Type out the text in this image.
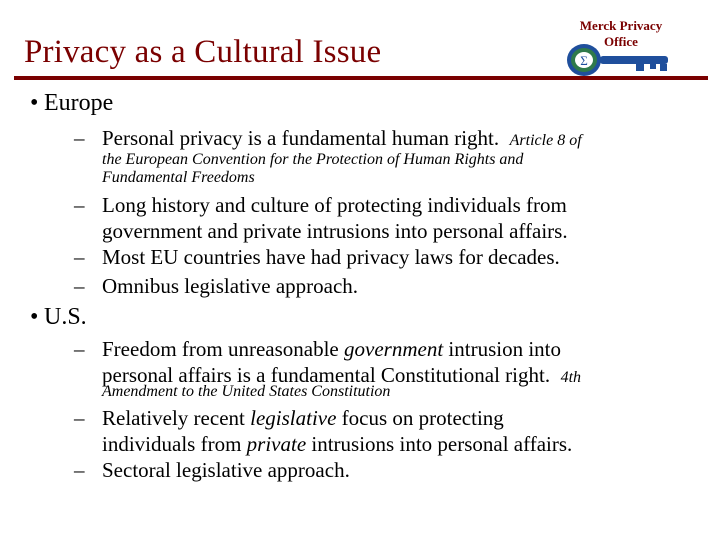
Privacy as a Cultural Issue
Merck Privacy
Office
Σ
• Europe
– Personal privacy is a fundamental human right. Article 8 of
the European Convention for the Protection of Human Rights and
Fundamental Freedoms
– Long history and culture of protecting individuals from
government and private intrusions into personal affairs.
– Most EU countries have had privacy laws for decades.
– Omnibus legislative approach.
• U.S.
– Freedom from unreasonable government intrusion into
personal affairs is a fundamental Constitutional right. 4th
Amendment to the United States Constitution
– Relatively recent legislative focus on protecting
individuals from private intrusions into personal affairs.
– Sectoral legislative approach.
